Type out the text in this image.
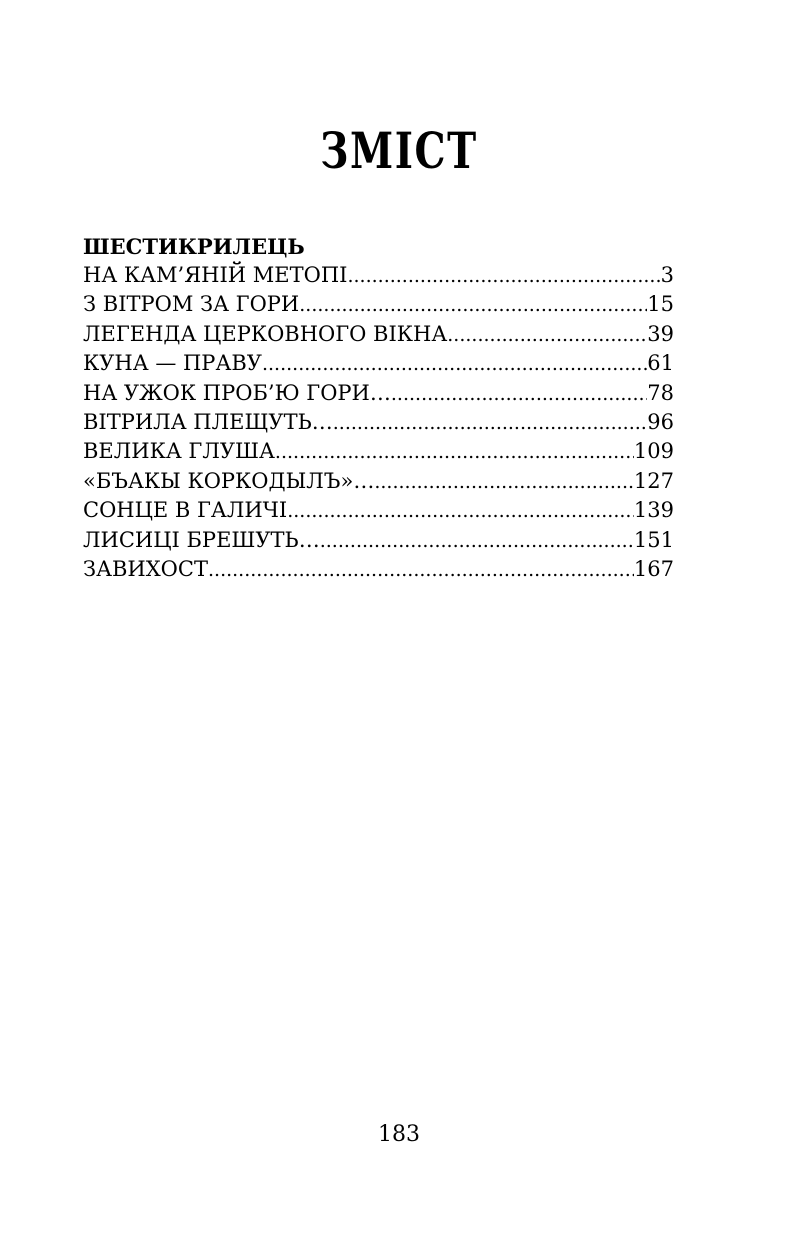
ЗМІСТ
ШЕСТИКРИЛЕЦЬ
НА КАМ’ЯНІЙ МЕТОПІ .....	3
З ВІТРОМ ЗА ГОРИ .....	15
ЛЕГЕНДА ЦЕРКОВНОГО ВІКНА .....	39
КУНА — ПРАВУ .....	61
НА УЖОК ПРОБ’Ю ГОРИ… .....	78
ВІТРИЛА ПЛЕЩУТЬ… .....	96
ВЕЛИКА ГЛУША .....	109
«БЪАКЫ КОРКОДЫЛЪ»… .....	127
СОНЦЕ В ГАЛИЧІ .....	139
ЛИСИЦІ БРЕШУТЬ… .....	151
ЗАВИХОСТ .....	167
183
